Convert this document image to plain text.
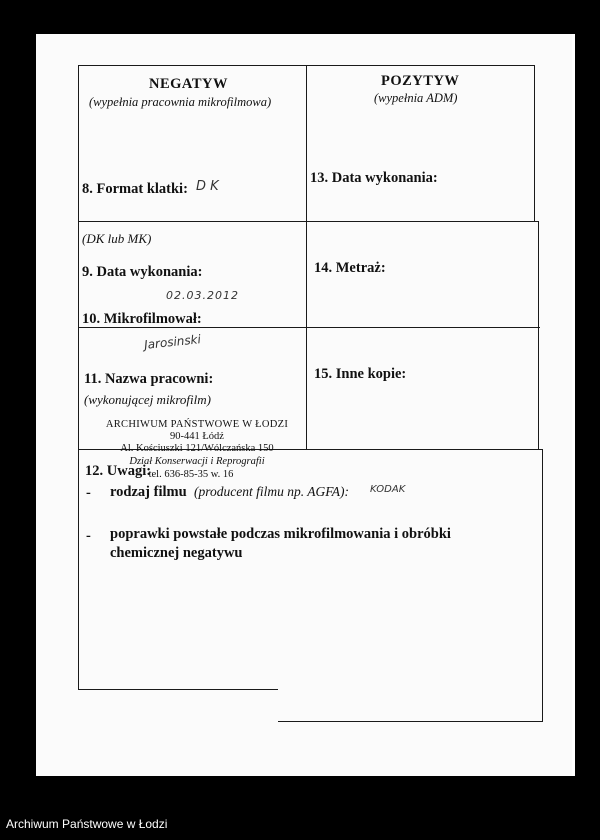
NEGATYW
(wypełnia pracownia mikrofilmowa)
POZYTYW
(wypełnia ADM)
8. Format klatki: D K
(DK lub MK)
13. Data wykonania:
9. Data wykonania:
02.03.2012
10. Mikrofilmował:
Jarosinski
14. Metraż:
11. Nazwa pracowni:
(wykonującej mikrofilm)
15. Inne kopie:
ARCHIWUM PAŃSTWOWE W ŁODZI
90-441 Łódź
Al. Kościuszki 121/Wólczańska 150
Dział Konserwacji i Reprografii
tel. 636-85-35 w. 16
12. Uwagi:
- rodzaj filmu (producent filmu np. AGFA): KODAK
- poprawki powstałe podczas mikrofilmowania i obróbki
chemicznej negatywu
Archiwum Państwowe w Łodzi
